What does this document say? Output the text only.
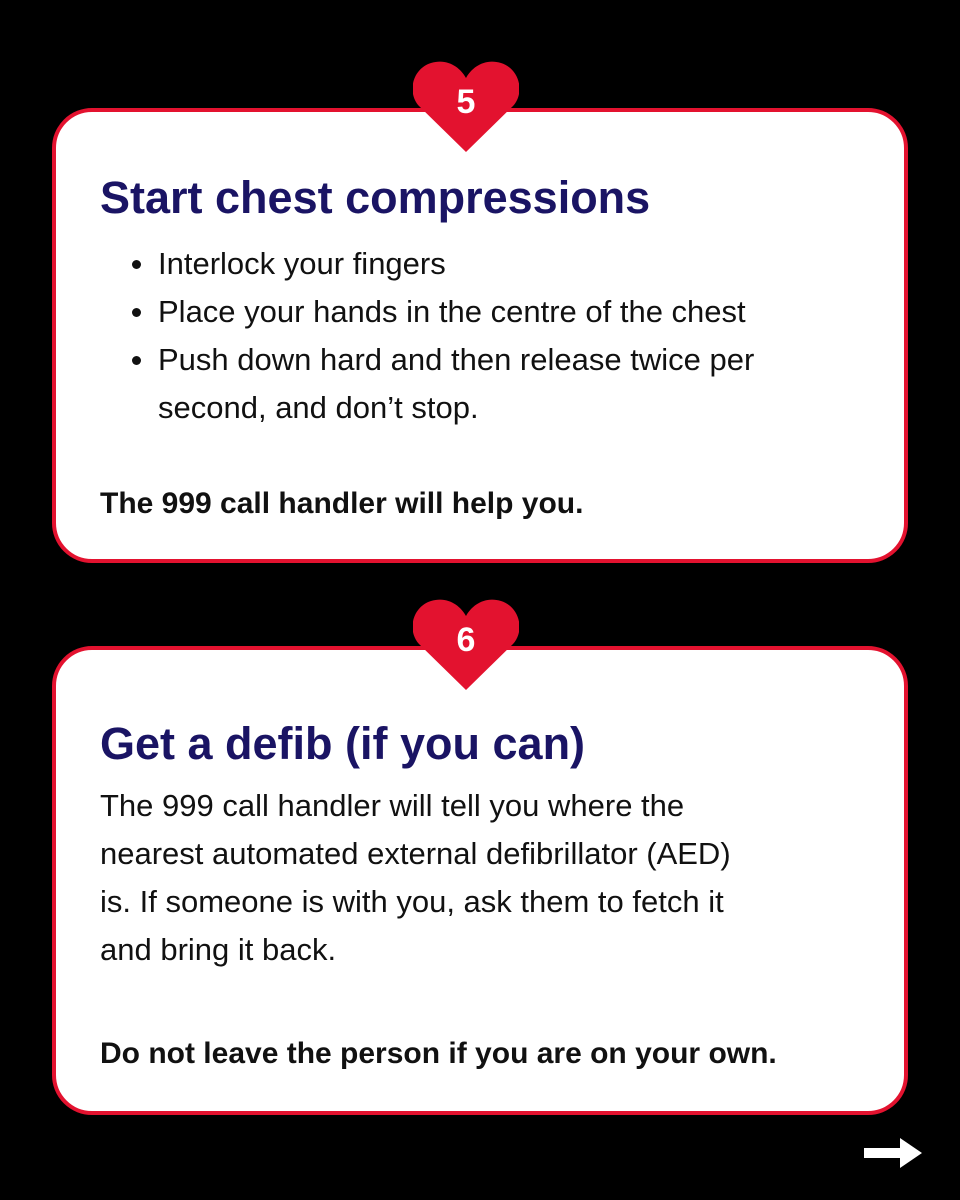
Start chest compressions
Interlock your fingers
Place your hands in the centre of the chest
Push down hard and then release twice per
second, and don’t stop.

The 999 call handler will help you.

5
Get a defib (if you can)
The 999 call handler will tell you where the
nearest automated external defibrillator (AED)
is. If someone is with you, ask them to fetch it
and bring it back.

Do not leave the person if you are on your own.

6
